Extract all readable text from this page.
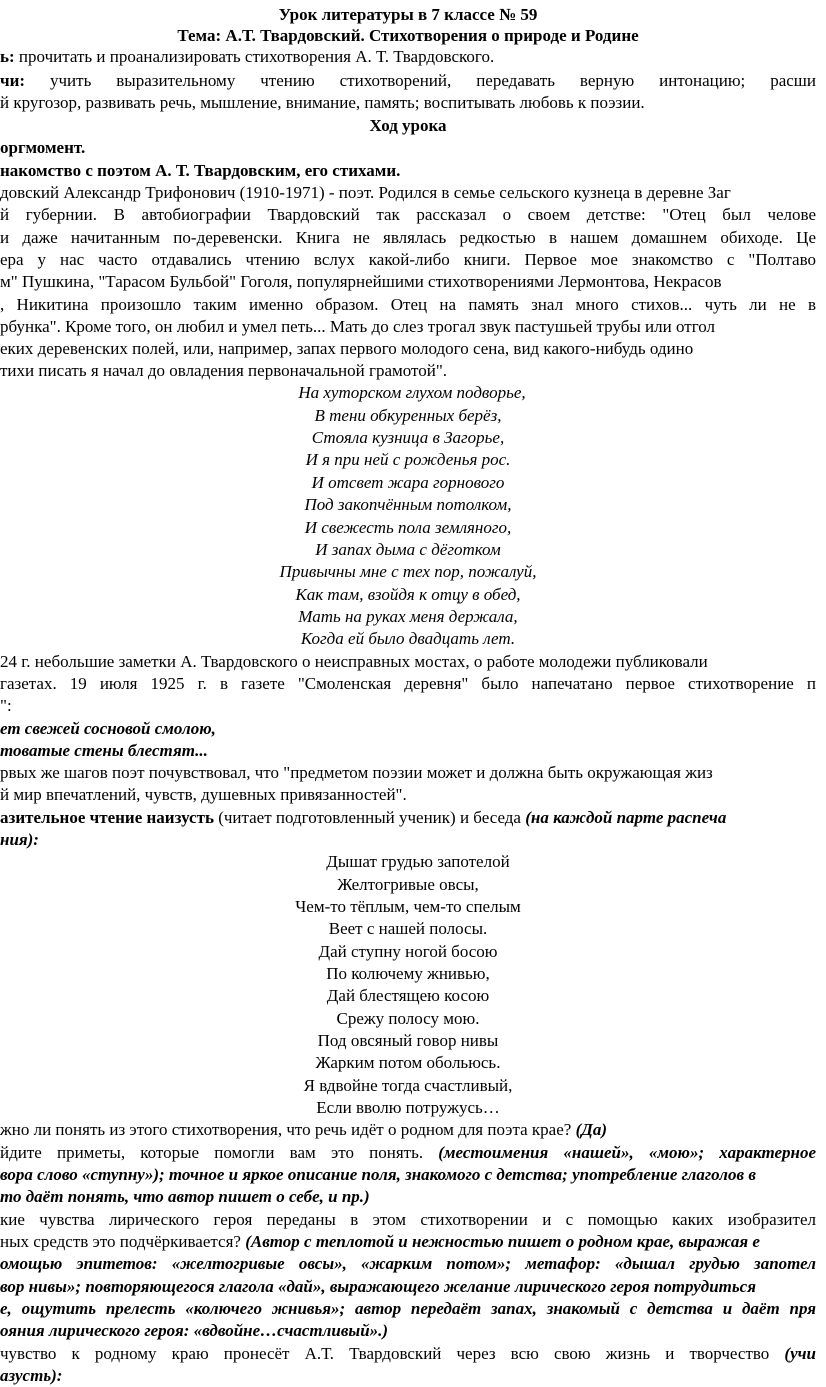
Урок литературы в 7 классе № 59
Тема: А.Т. Твардовский. Стихотворения о природе и Родине
ь: прочитать и проанализировать стихотворения А. Т. Твардовского.
чи: учить выразительному чтению стихотворений, передавать верную интонацию; расши
й кругозор, развивать речь, мышление, внимание, память; воспитывать любовь к поэзии.
Ход урока
оргмомент.
накомство с поэтом А. Т. Твардовским, его стихами.
довский Александр Трифонович (1910-1971) - поэт. Родился в семье сельского кузнеца в деревне Заг
й губернии. В автобиографии Твардовский так рассказал о своем детстве: "Отец был челове
и даже начитанным по-деревенски. Книга не являлась редкостью в нашем домашнем обиходе. Це
ера у нас часто отдавались чтению вслух какой-либо книги. Первое мое знакомство с "Полтаво
м" Пушкина, "Тарасом Бульбой" Гоголя, популярнейшими стихотворениями Лермонтова, Некрасов
, Никитина произошло таким именно образом. Отец на память знал много стихов... чуть ли не в
рбунка". Кроме того, он любил и умел петь... Мать до слез трогал звук пастушьей трубы или отгол
еких деревенских полей, или, например, запах первого молодого сена, вид какого-нибудь одино
тихи писать я начал до овладения первоначальной грамотой".
На хуторском глухом подворье,
В тени обкуренных берёз,
Стояла кузница в Загорье,
И я при ней с рожденья рос.
И отсвет жара горнового
Под закопчённым потолком,
И свежесть пола земляного,
И запах дыма с дёготком
Привычны мне с тех пор, пожалуй,
Как там, взойдя к отцу в обед,
Мать на руках меня держала,
Когда ей было двадцать лет.
24 г. небольшие заметки А. Твардовского о неисправных мостах, о работе молодежи публиковали
газетах. 19 июля 1925 г. в газете "Смоленская деревня" было напечатано первое стихотворение п
":
ет свежей сосновой смолою,
товатые стены блестят...
рвых же шагов поэт почувствовал, что "предметом поэзии может и должна быть окружающая жиз
й мир впечатлений, чувств, душевных привязанностей".
азительное чтение наизусть (читает подготовленный ученик) и беседа (на каждой парте распеча
ния):
Дышат грудью запотелой
Желтогривые овсы,
Чем-то тёплым, чем-то спелым
Веет с нашей полосы.
Дай ступну ногой босою
По колючему жнивью,
Дай блестящею косою
Срежу полосу мою.
Под овсяный говор нивы
Жарким потом обольюсь.
Я вдвойне тогда счастливый,
Если вволю потружусь…
жно ли понять из этого стихотворения, что речь идёт о родном для поэта крае? (Да)
йдите приметы, которые помогли вам это понять. (местоимения «нашей», «мою»; характерное
вора слово «ступну»); точное и яркое описание поля, знакомого с детства; употребление глаголов в
то даёт понять, что автор пишет о себе, и пр.)
кие чувства лирического героя переданы в этом стихотворении и с помощью каких изобразител
ных средств это подчёркивается? (Автор с теплотой и нежностью пишет о родном крае, выражая е
омощью эпитетов: «желтогривые овсы», «жарким потом»; метафор: «дышал грудью запотел
вор нивы»; повторяющегося глагола «дай», выражающего желание лирического героя потрудиться
е, ощутить прелесть «колючего жнивья»; автор передаёт запах, знакомый с детства и даёт пря
ояния лирического героя: «вдвойне…счастливый».)
чувство к родному краю пронесёт А.Т. Твардовский через всю свою жизнь и творчество (учи
азусть):
